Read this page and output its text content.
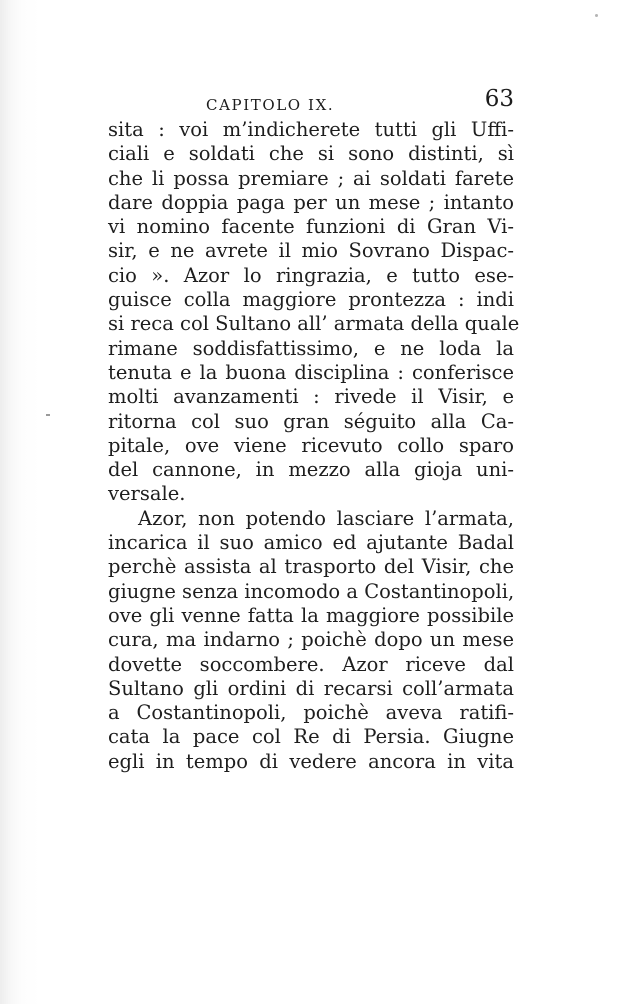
CAPITOLO IX.	63
sita : voi m’indicherete tutti gli Uffi-
ciali e soldati che si sono distinti, sì
che li possa premiare ; ai soldati farete
dare doppia paga per un mese ; intanto
vi nomino facente funzioni di Gran Vi-
sir, e ne avrete il mio Sovrano Dispac-
cio ». Azor lo ringrazia, e tutto ese-
guisce colla maggiore prontezza : indi
si reca col Sultano all’ armata della quale
rimane soddisfattissimo, e ne loda la
tenuta e la buona disciplina : conferisce
molti avanzamenti : rivede il Visir, e
ritorna col suo gran séguito alla Ca-
pitale, ove viene ricevuto collo sparo
del cannone, in mezzo alla gioja uni-
versale.
Azor, non potendo lasciare l’armata,
incarica il suo amico ed ajutante Badal
perchè assista al trasporto del Visir, che
giugne senza incomodo a Costantinopoli,
ove gli venne fatta la maggiore possibile
cura, ma indarno ; poichè dopo un mese
dovette soccombere. Azor riceve dal
Sultano gli ordini di recarsi coll’armata
a Costantinopoli, poichè aveva ratifi-
cata la pace col Re di Persia. Giugne
egli in tempo di vedere ancora in vita
